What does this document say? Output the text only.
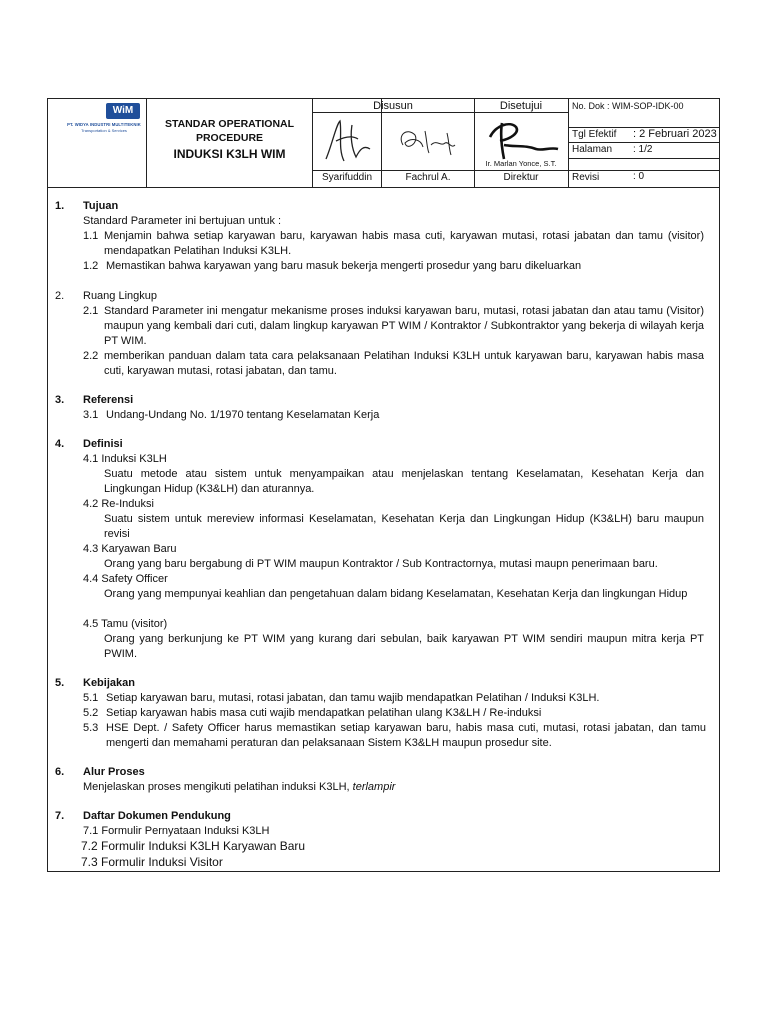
WiM
PT. WIDYA INDUSTRI MULTITEKNIK
Transportation & Services
STANDAR OPERATIONAL
PROCEDURE
INDUKSI K3LH WIM
Disusun	Disetujui
Ir. Marlan Yonce, S.T.
Syarifuddin	Fachrul A.	Direktur
No. Dok : WIM-SOP-IDK-00
Tgl Efektif : 2 Februari 2023
Halaman : 1/2
Revisi	: 0
1. Tujuan
Standard Parameter ini bertujuan untuk :
1.1 Menjamin bahwa setiap karyawan baru, karyawan habis masa cuti, karyawan mutasi, rotasi jabatan dan tamu (visitor) mendapatkan Pelatihan Induksi K3LH.
1.2 Memastikan bahwa karyawan yang baru masuk bekerja mengerti prosedur yang baru dikeluarkan
2. Ruang Lingkup
2.1 Standard Parameter ini mengatur mekanisme proses induksi karyawan baru, mutasi, rotasi jabatan dan atau tamu (Visitor) maupun yang kembali dari cuti, dalam lingkup karyawan PT WIM / Kontraktor / Subkontraktor yang bekerja di wilayah kerja PT WIM.
2.2 memberikan panduan dalam tata cara pelaksanaan Pelatihan Induksi K3LH untuk karyawan baru, karyawan habis masa cuti, karyawan mutasi, rotasi jabatan, dan tamu.
3. Referensi
3.1 Undang-Undang No. 1/1970 tentang Keselamatan Kerja
4. Definisi
4.1 Induksi K3LH
Suatu metode atau sistem untuk menyampaikan atau menjelaskan tentang Keselamatan, Kesehatan Kerja dan Lingkungan Hidup (K3&LH) dan aturannya.
4.2 Re-Induksi
Suatu sistem untuk mereview informasi Keselamatan, Kesehatan Kerja dan Lingkungan Hidup (K3&LH) baru maupun revisi
4.3 Karyawan Baru
Orang yang baru bergabung di PT WIM maupun Kontraktor / Sub Kontractornya, mutasi maupn penerimaan baru.
4.4 Safety Officer
Orang yang mempunyai keahlian dan pengetahuan dalam bidang Keselamatan, Kesehatan Kerja dan lingkungan Hidup
4.5 Tamu (visitor)
Orang yang berkunjung ke PT WIM yang kurang dari sebulan, baik karyawan PT WIM sendiri maupun mitra kerja PT PWIM.
5. Kebijakan
5.1 Setiap karyawan baru, mutasi, rotasi jabatan, dan tamu wajib mendapatkan Pelatihan / Induksi K3LH.
5.2 Setiap karyawan habis masa cuti wajib mendapatkan pelatihan ulang K3&LH / Re-induksi
5.3 HSE Dept. / Safety Officer harus memastikan setiap karyawan baru, habis masa cuti, mutasi, rotasi jabatan, dan tamu mengerti dan memahami peraturan dan pelaksanaan Sistem K3&LH maupun prosedur site.
6. Alur Proses
Menjelaskan proses mengikuti pelatihan induksi K3LH, terlampir
7. Daftar Dokumen Pendukung
7.1 Formulir Pernyataan Induksi K3LH
7.2 Formulir Induksi K3LH Karyawan Baru
7.3 Formulir Induksi Visitor
